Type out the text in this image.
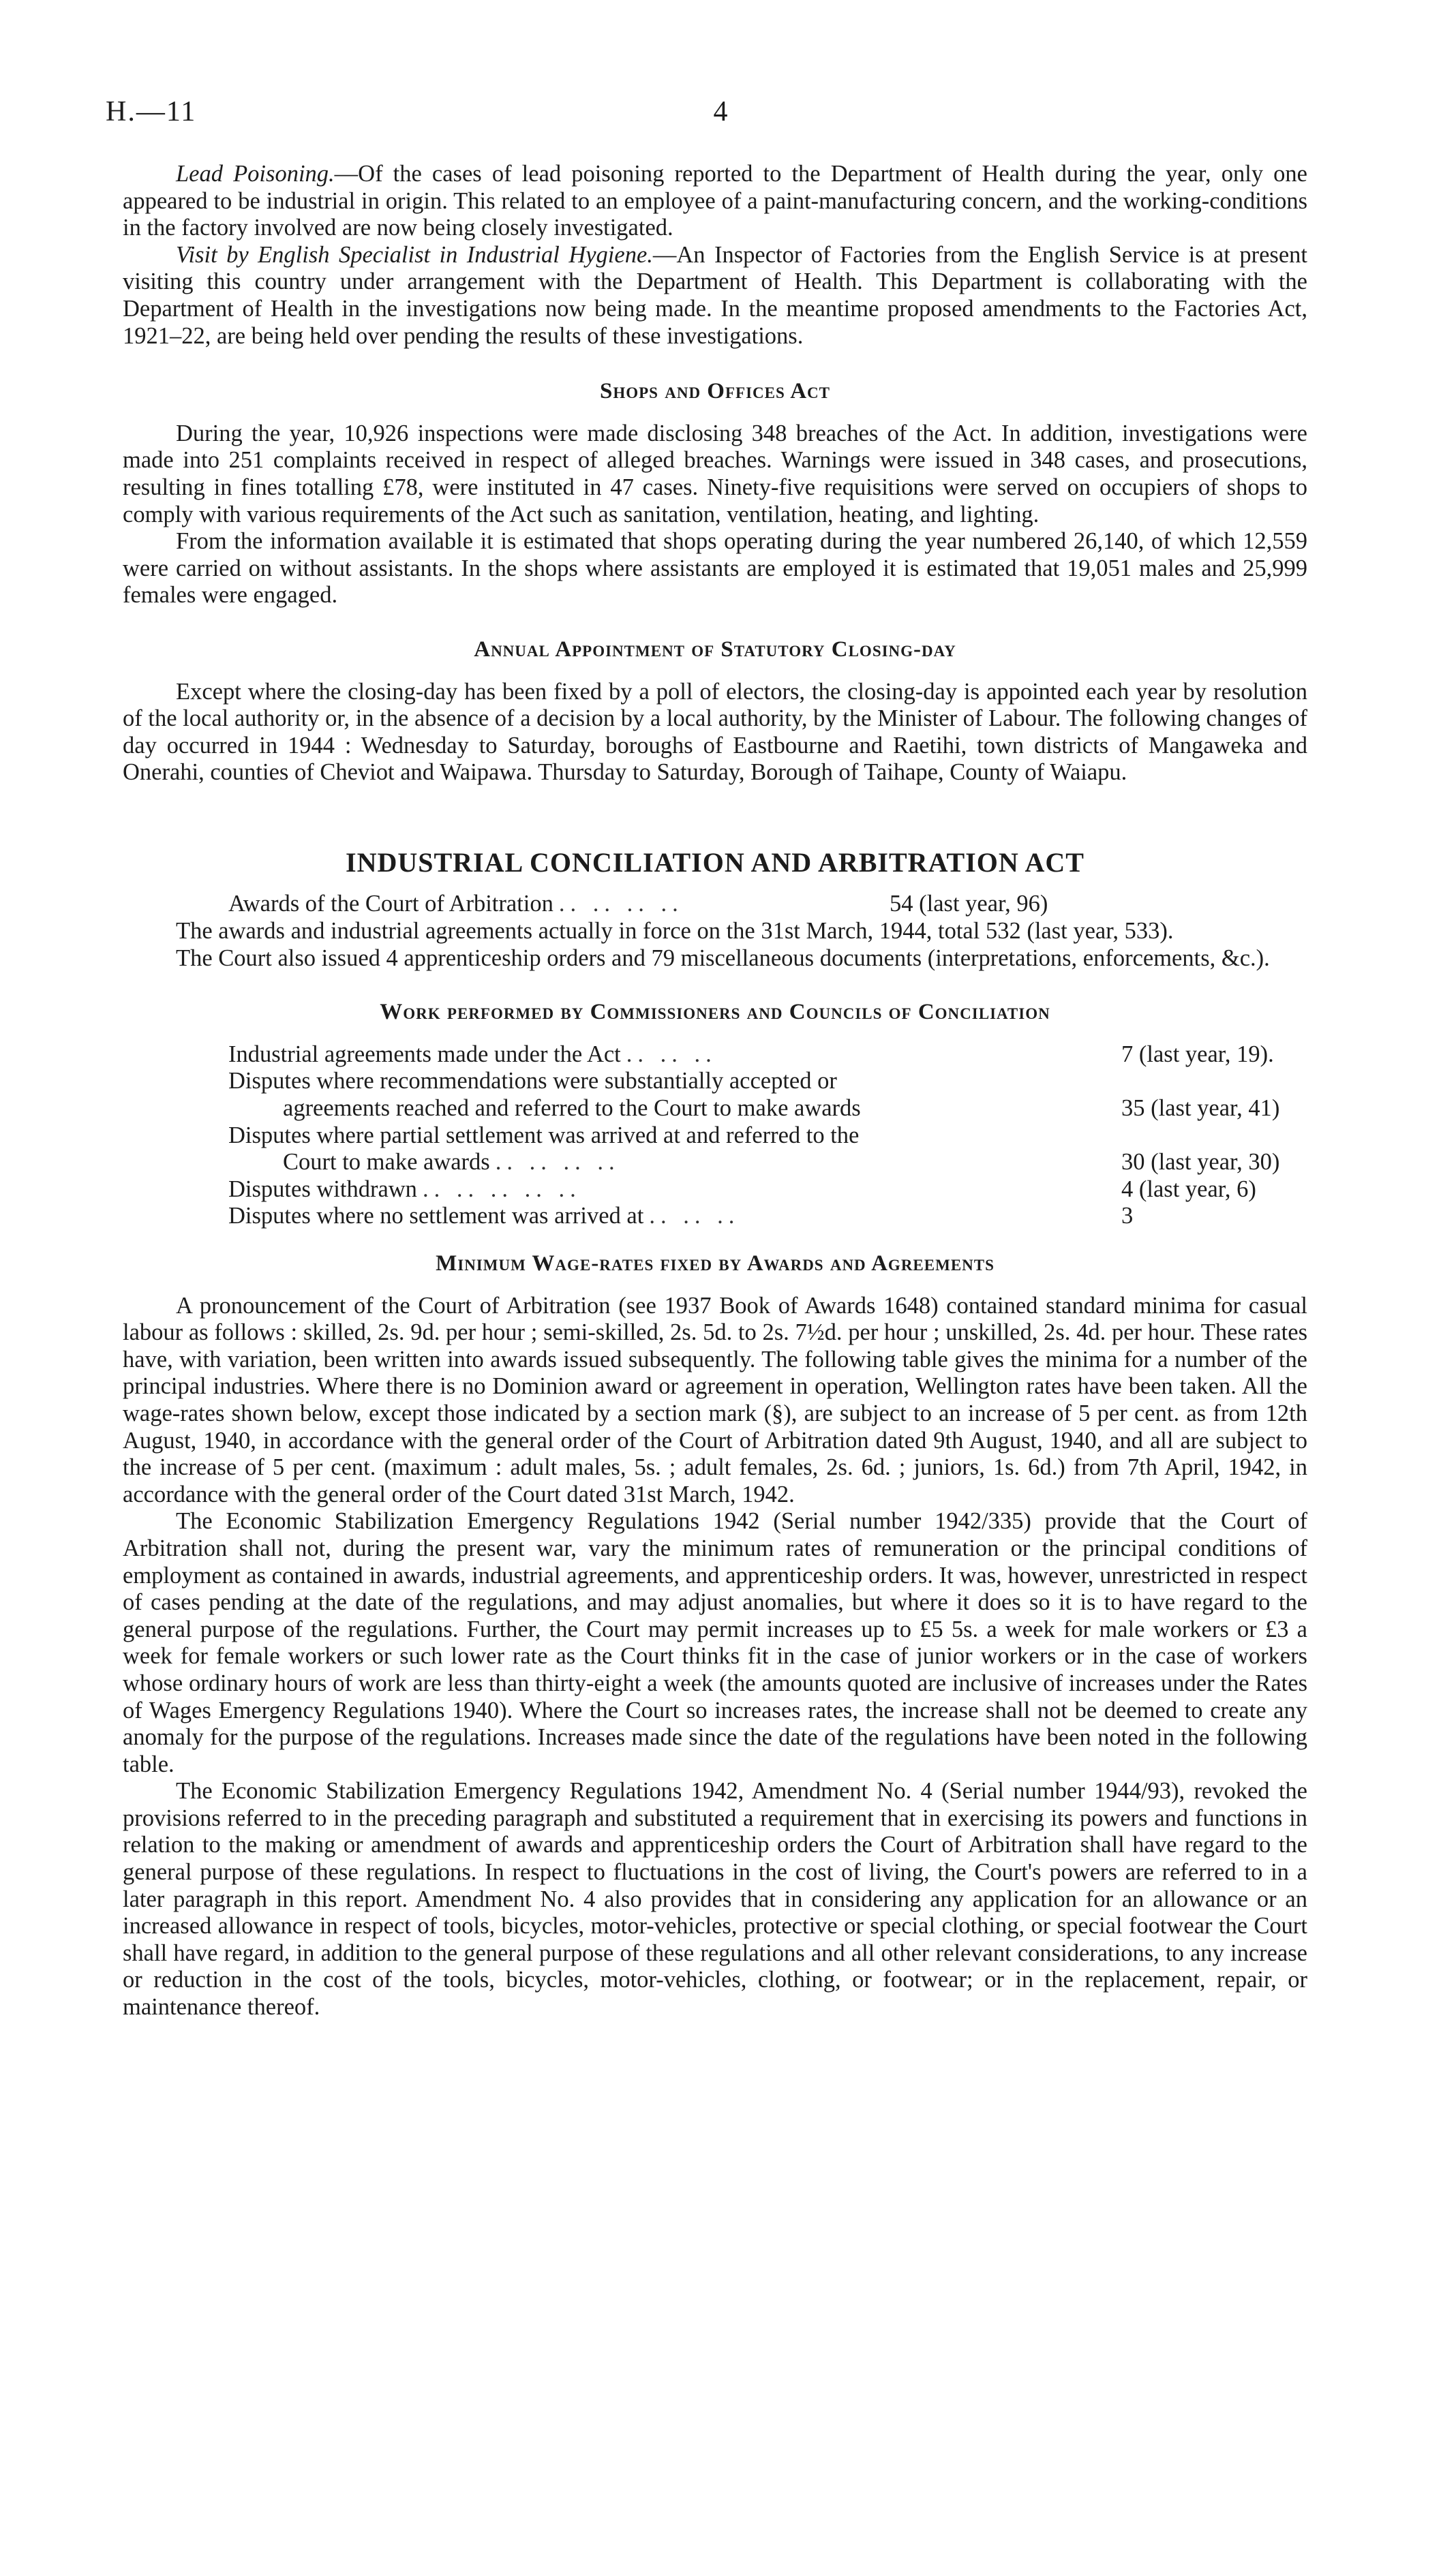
4
H.—11

Lead Poisoning.—Of the cases of lead poisoning reported to the Department of Health during the year, only one appeared to be industrial in origin. This related to an employee of a paint-manufacturing concern, and the working-conditions in the factory involved are now being closely investigated.

Visit by English Specialist in Industrial Hygiene.—An Inspector of Factories from the English Service is at present visiting this country under arrangement with the Department of Health. This Department is collaborating with the Department of Health in the investigations now being made. In the meantime proposed amendments to the Factories Act, 1921–22, are being held over pending the results of these investigations.

Shops and Offices Act

During the year, 10,926 inspections were made disclosing 348 breaches of the Act. In addition, investigations were made into 251 complaints received in respect of alleged breaches. Warnings were issued in 348 cases, and prosecutions, resulting in fines totalling £78, were instituted in 47 cases. Ninety-five requisitions were served on occupiers of shops to comply with various requirements of the Act such as sanitation, ventilation, heating, and lighting.

From the information available it is estimated that shops operating during the year numbered 26,140, of which 12,559 were carried on without assistants. In the shops where assistants are employed it is estimated that 19,051 males and 25,999 females were engaged.

Annual Appointment of Statutory Closing-day

Except where the closing-day has been fixed by a poll of electors, the closing-day is appointed each year by resolution of the local authority or, in the absence of a decision by a local authority, by the Minister of Labour. The following changes of day occurred in 1944 : Wednesday to Saturday, boroughs of Eastbourne and Raetihi, town districts of Mangaweka and Onerahi, counties of Cheviot and Waipawa. Thursday to Saturday, Borough of Taihape, County of Waiapu.

INDUSTRIAL CONCILIATION AND ARBITRATION ACT
Awards of the Court of Arbitration .. .. .. ..	54 (last year, 96)

The awards and industrial agreements actually in force on the 31st March, 1944, total 532 (last year, 533).

The Court also issued 4 apprenticeship orders and 79 miscellaneous documents (interpretations, enforcements, &c.).

Work performed by Commissioners and Councils of Conciliation
Industrial agreements made under the Act .. .. ..	7 (last year, 19).
Disputes where recommendations were substantially accepted or
agreements reached and referred to the Court to make awards	35 (last year, 41)
Disputes where partial settlement was arrived at and referred to the
Court to make awards .. .. .. ..	30 (last year, 30)
Disputes withdrawn .. .. .. .. ..	4 (last year, 6)
Disputes where no settlement was arrived at .. .. ..	3
Minimum Wage-rates fixed by Awards and Agreements

A pronouncement of the Court of Arbitration (see 1937 Book of Awards 1648) contained standard minima for casual labour as follows : skilled, 2s. 9d. per hour ; semi-skilled, 2s. 5d. to 2s. 7½d. per hour ; unskilled, 2s. 4d. per hour. These rates have, with variation, been written into awards issued subsequently. The following table gives the minima for a number of the principal industries. Where there is no Dominion award or agreement in operation, Wellington rates have been taken. All the wage-rates shown below, except those indicated by a section mark (§), are subject to an increase of 5 per cent. as from 12th August, 1940, in accordance with the general order of the Court of Arbitration dated 9th August, 1940, and all are subject to the increase of 5 per cent. (maximum : adult males, 5s. ; adult females, 2s. 6d. ; juniors, 1s. 6d.) from 7th April, 1942, in accordance with the general order of the Court dated 31st March, 1942.

The Economic Stabilization Emergency Regulations 1942 (Serial number 1942/335) provide that the Court of Arbitration shall not, during the present war, vary the minimum rates of remuneration or the principal conditions of employment as contained in awards, industrial agreements, and apprenticeship orders. It was, however, unrestricted in respect of cases pending at the date of the regulations, and may adjust anomalies, but where it does so it is to have regard to the general purpose of the regulations. Further, the Court may permit increases up to £5 5s. a week for male workers or £3 a week for female workers or such lower rate as the Court thinks fit in the case of junior workers or in the case of workers whose ordinary hours of work are less than thirty-eight a week (the amounts quoted are inclusive of increases under the Rates of Wages Emergency Regulations 1940). Where the Court so increases rates, the increase shall not be deemed to create any anomaly for the purpose of the regulations. Increases made since the date of the regulations have been noted in the following table.

The Economic Stabilization Emergency Regulations 1942, Amendment No. 4 (Serial number 1944/93), revoked the provisions referred to in the preceding paragraph and substituted a requirement that in exercising its powers and functions in relation to the making or amendment of awards and apprenticeship orders the Court of Arbitration shall have regard to the general purpose of these regulations. In respect to fluctuations in the cost of living, the Court's powers are referred to in a later paragraph in this report. Amendment No. 4 also provides that in considering any application for an allowance or an increased allowance in respect of tools, bicycles, motor-vehicles, protective or special clothing, or special footwear the Court shall have regard, in addition to the general purpose of these regulations and all other relevant considerations, to any increase or reduction in the cost of the tools, bicycles, motor-vehicles, clothing, or footwear; or in the replacement, repair, or maintenance thereof.
